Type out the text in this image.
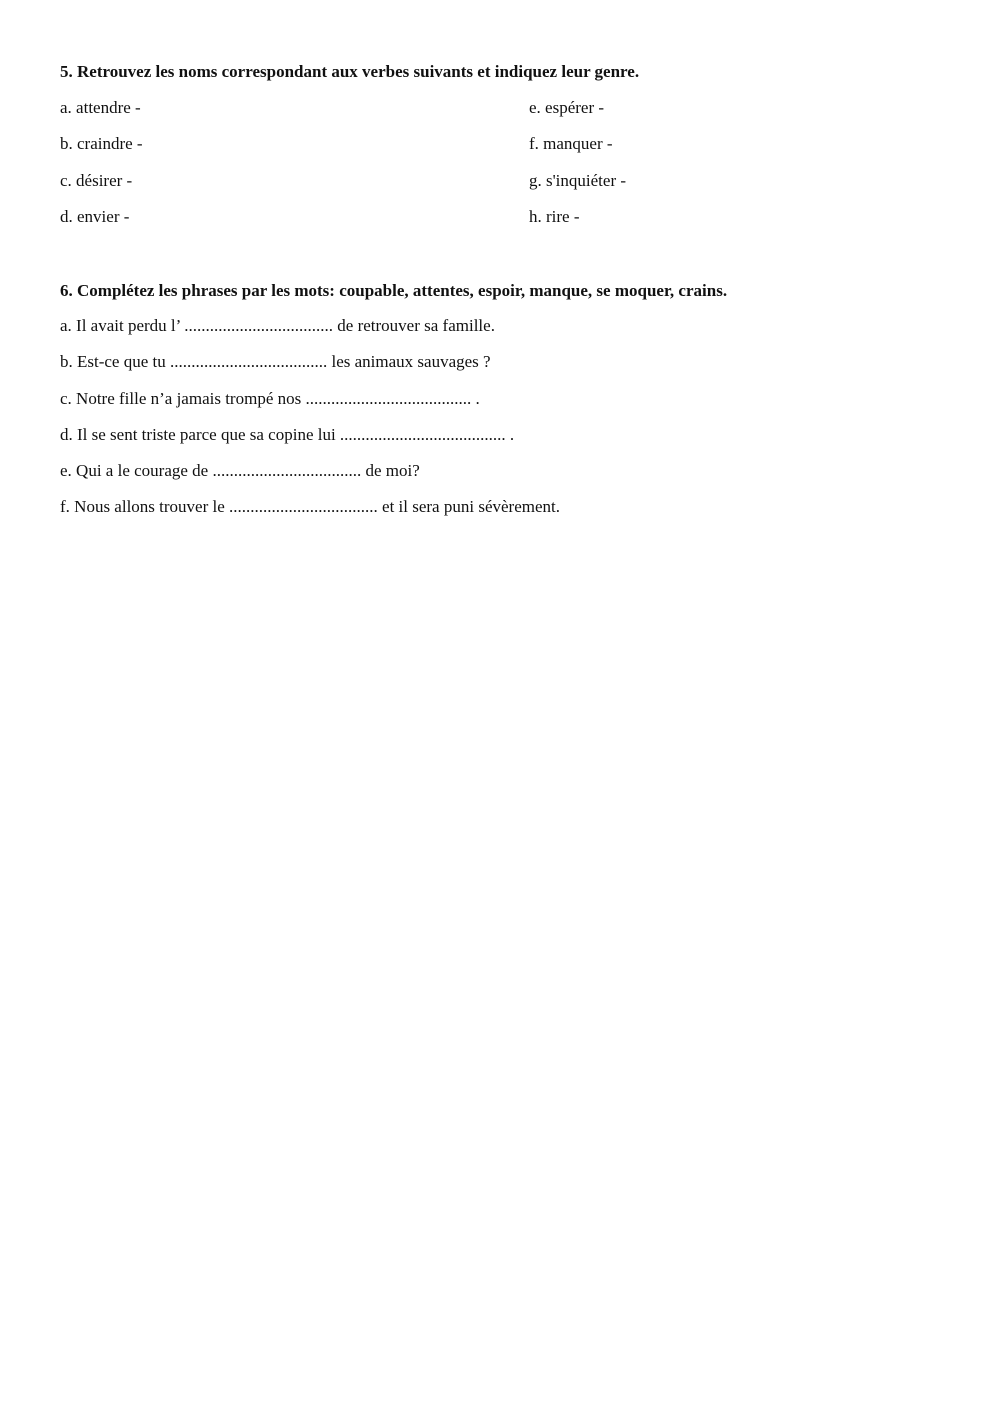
5. Retrouvez les noms correspondant aux verbes suivants et indiquez leur genre.
a. attendre -	e. espérer -
b. craindre -	f. manquer -
c. désirer -	g. s'inquiéter -
d. envier -	h. rire -
6. Complétez les phrases par les mots: coupable, attentes, espoir, manque, se moquer, crains.
a. Il avait perdu l’ ................................... de retrouver sa famille.
b. Est-ce que tu ..................................... les animaux sauvages ?
c. Notre fille n’a jamais trompé nos ....................................... .
d. Il se sent triste parce que sa copine lui ....................................... .
e. Qui a le courage de ................................... de moi?
f. Nous allons trouver le ................................... et il sera puni sévèrement.
